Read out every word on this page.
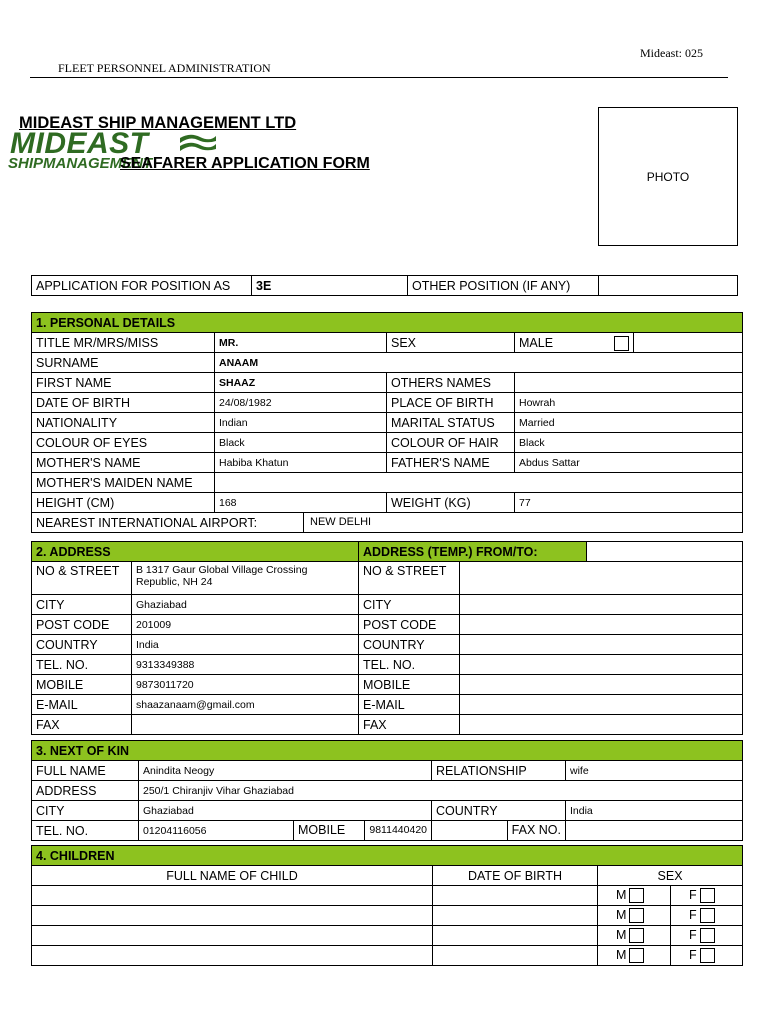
Mideast: 025
FLEET PERSONNEL ADMINISTRATION
MIDEAST SHIP MANAGEMENT LTD
MIDEAST
SHIPMANAGEMENT
SEAFARER APPLICATION FORM
PHOTO
APPLICATION FOR POSITION AS	3E	OTHER POSITION (IF ANY)	
1. PERSONAL DETAILS				
TITLE MR/MRS/MISS	MR.	SEX	MALE

SURNAME	ANAAM			
FIRST NAME	SHAAZ	OTHERS NAMES		
DATE OF BIRTH	24/08/1982	PLACE OF BIRTH	Howrah	
NATIONALITY	Indian	MARITAL STATUS	Married	
COLOUR OF EYES	Black	COLOUR OF HAIR	Black	
MOTHER'S NAME	Habiba Khatun	FATHER'S NAME	Abdus Sattar	
MOTHER'S MAIDEN NAME				
HEIGHT (CM)	168	WEIGHT (KG)	77	
NEAREST INTERNATIONAL AIRPORT: NEW DELHI				
2. ADDRESS		ADDRESS (TEMP.) FROM/TO:		
NO & STREET	B 1317 Gaur Global Village Crossing Republic, NH 24	NO & STREET		
CITY	Ghaziabad	CITY		
POST CODE	201009	POST CODE		
COUNTRY	India	COUNTRY		
TEL. NO.	9313349388	TEL. NO.		
MOBILE	9873011720	MOBILE		
E-MAIL	shaazanaam@gmail.com	E-MAIL		
FAX		FAX		
3. NEXT OF KIN				
FULL NAME	Anindita Neogy		RELATIONSHIP	wife
ADDRESS	250/1 Chiranjiv Vihar Ghaziabad			
CITY	Ghaziabad		COUNTRY	India
TEL. NO.	01204116056	MOBILE 9811440420	FAX NO.	

4. CHILDREN			
FULL NAME OF CHILD	DATE OF BIRTH	SEX	
		M	F
		M	F
		M	F
		M	F
